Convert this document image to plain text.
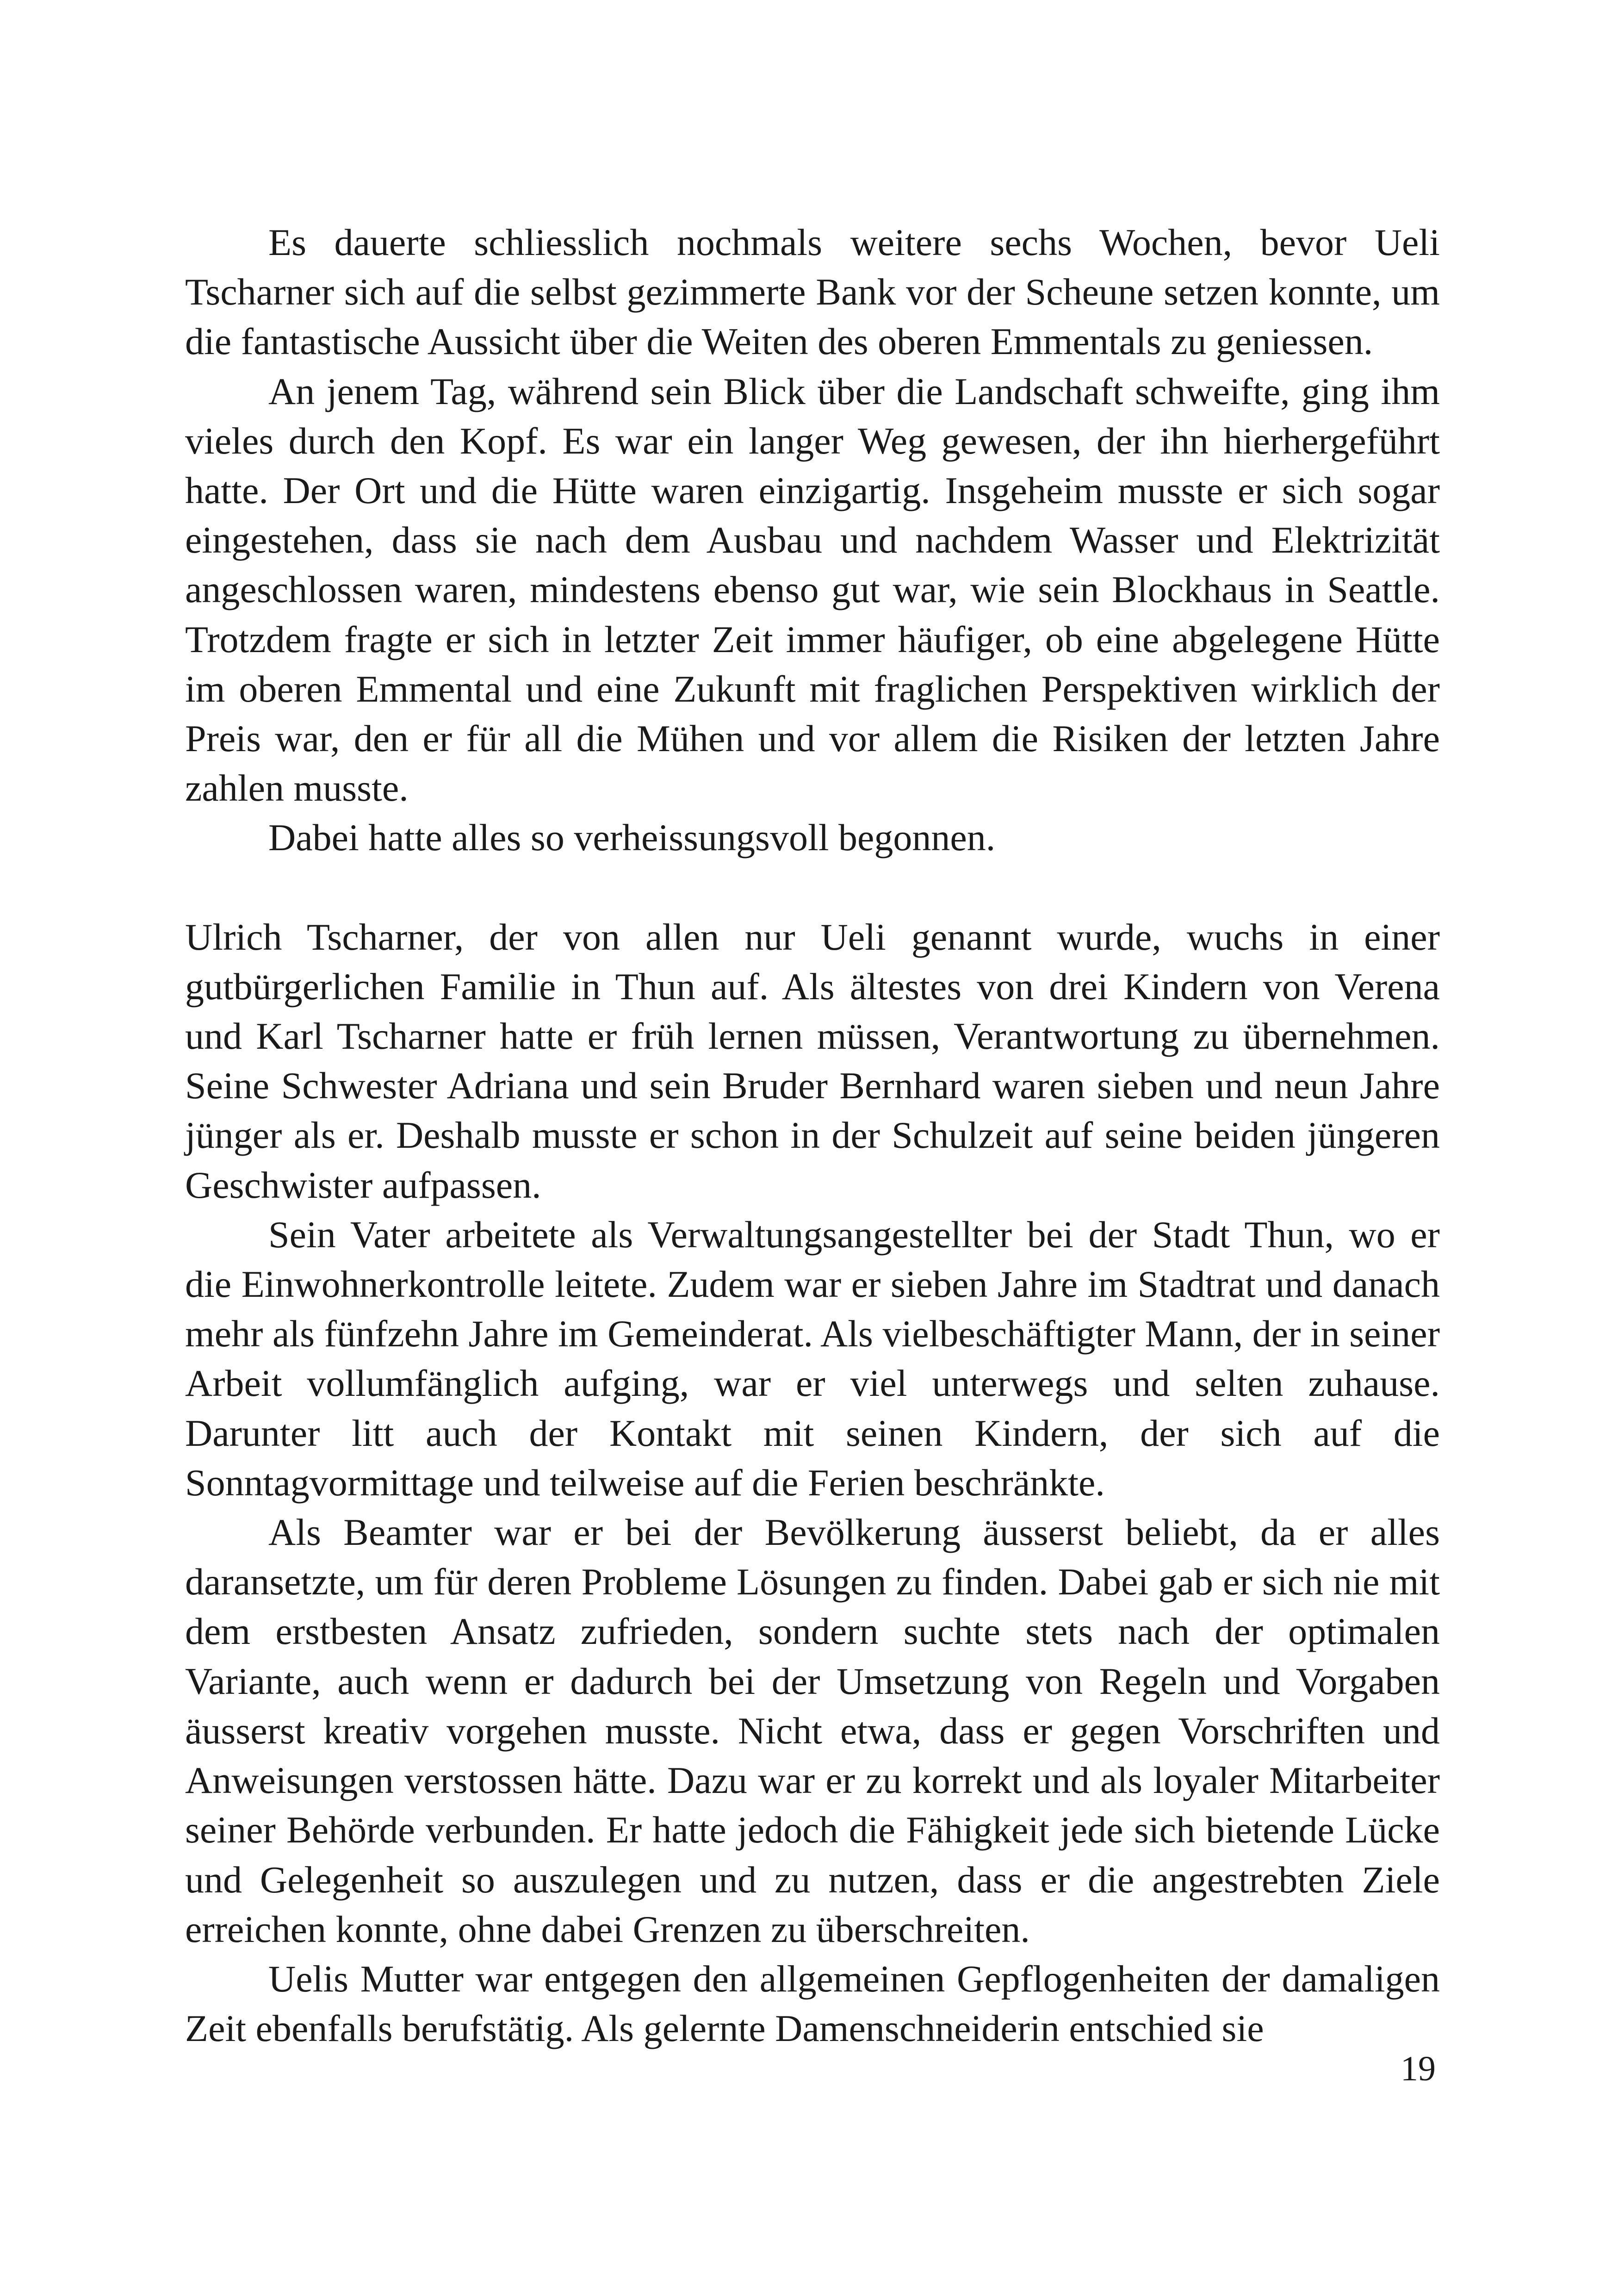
Es dauerte schliesslich nochmals weitere sechs Wochen, bevor Ueli Tscharner sich auf die selbst gezimmerte Bank vor der Scheune setzen konnte, um die fantastische Aussicht über die Weiten des oberen Emmentals zu geniessen.

An jenem Tag, während sein Blick über die Landschaft schweifte, ging ihm vieles durch den Kopf. Es war ein langer Weg gewesen, der ihn hierhergeführt hatte. Der Ort und die Hütte waren einzigartig. Insgeheim musste er sich sogar eingestehen, dass sie nach dem Ausbau und nachdem Wasser und Elektrizität angeschlossen waren, mindestens ebenso gut war, wie sein Blockhaus in Seattle. Trotzdem fragte er sich in letzter Zeit immer häufiger, ob eine abgelegene Hütte im oberen Emmental und eine Zukunft mit fraglichen Perspektiven wirklich der Preis war, den er für all die Mühen und vor allem die Risiken der letzten Jahre zahlen musste.

Dabei hatte alles so verheissungsvoll begonnen.

Ulrich Tscharner, der von allen nur Ueli genannt wurde, wuchs in einer gutbürgerlichen Familie in Thun auf. Als ältestes von drei Kindern von Verena und Karl Tscharner hatte er früh lernen müssen, Verantwortung zu übernehmen. Seine Schwester Adriana und sein Bruder Bernhard waren sieben und neun Jahre jünger als er. Deshalb musste er schon in der Schulzeit auf seine beiden jüngeren Geschwister aufpassen.

Sein Vater arbeitete als Verwaltungsangestellter bei der Stadt Thun, wo er die Einwohnerkontrolle leitete. Zudem war er sieben Jahre im Stadtrat und danach mehr als fünfzehn Jahre im Gemeinderat. Als vielbeschäftigter Mann, der in seiner Arbeit vollumfänglich aufging, war er viel unterwegs und selten zuhause. Darunter litt auch der Kontakt mit seinen Kindern, der sich auf die Sonntagvormittage und teilweise auf die Ferien beschränkte.

Als Beamter war er bei der Bevölkerung äusserst beliebt, da er alles daransetzte, um für deren Probleme Lösungen zu finden. Dabei gab er sich nie mit dem erstbesten Ansatz zufrieden, sondern suchte stets nach der optimalen Variante, auch wenn er dadurch bei der Umsetzung von Regeln und Vorgaben äusserst kreativ vorgehen musste. Nicht etwa, dass er gegen Vorschriften und Anweisungen verstossen hätte. Dazu war er zu korrekt und als loyaler Mitarbeiter seiner Behörde verbunden. Er hatte jedoch die Fähigkeit jede sich bietende Lücke und Gelegenheit so auszulegen und zu nutzen, dass er die angestrebten Ziele erreichen konnte, ohne dabei Grenzen zu überschreiten.

Uelis Mutter war entgegen den allgemeinen Gepflogenheiten der damaligen Zeit ebenfalls berufstätig. Als gelernte Damenschneiderin entschied sie

19
